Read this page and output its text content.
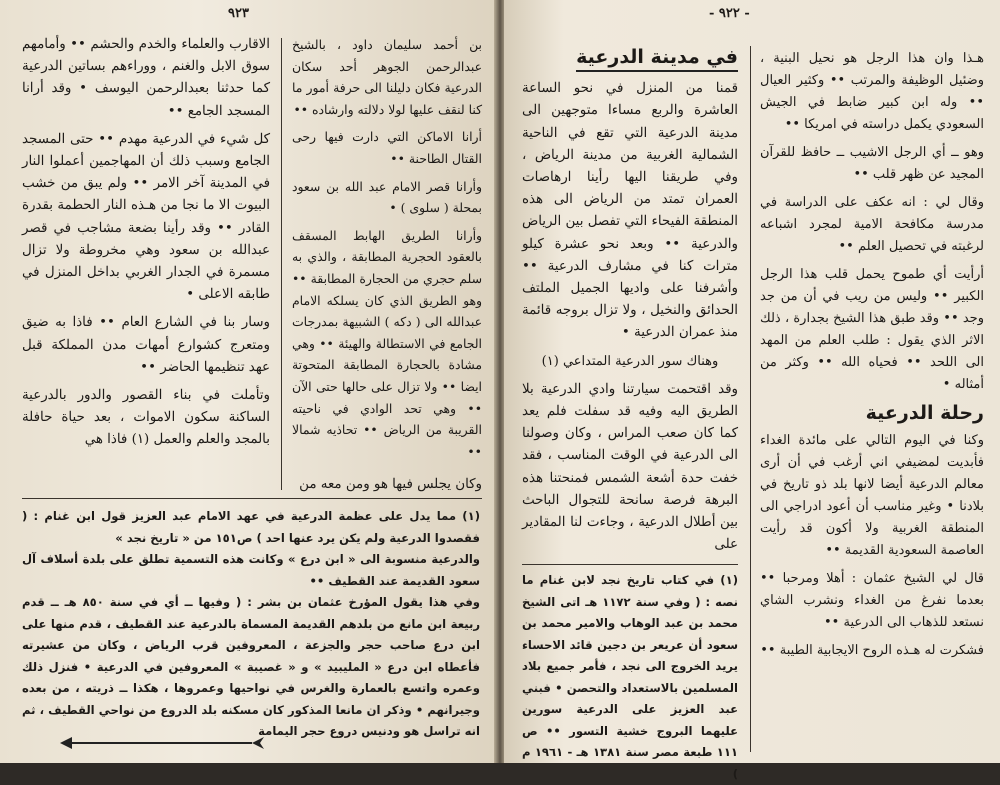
٩٢٣

الاقارب والعلماء والخدم والحشم •• وأمامهم سوق الابل والغنم ، ووراءهم بساتين الدرعية كما حدثنا بعبدالرحمن اليوسف • وقد أرانا المسجد الجامع ••

كل شيء في الدرعية مهدم •• حتى المسجد الجامع وسبب ذلك أن المهاجمين أعملوا النار في المدينة آخر الامر •• ولم يبق من خشب البيوت الا ما نجا من هـذه النار الحطمة بقدرة القادر •• وقد رأينا بضعة مشاجب في قصر عبدالله بن سعود وهي مخروطة ولا تزال مسمرة في الجدار الغربي بداخل المنزل في طابقه الاعلى •

وسار بنا في الشارع العام •• فاذا به ضيق ومتعرج كشوارع أمهات مدن المملكة قبل عهد تنظيمها الحاضر ••

وتأملت في بناء القصور والدور بالدرعية الساكنة سكون الاموات ، بعد حياة حافلة بالمجد والعلم والعمل (١) فاذا هي

بن أحمد سليمان داود ، بالشيخ عبدالرحمن الجوهر أحد سكان الدرعية فكان دليلنا الى حرفة أمور ما كنا لنقف عليها لولا دلالته وارشاده ••

أرانا الاماكن التي دارت فيها رحى القتال الطاحنة ••

وأرانا قصر الامام عبد الله بن سعود بمحلة ( سلوى ) •

وأرانا الطريق الهابط المسقف بالعقود الحجرية المطابقة ، والذي به سلم حجري من الحجارة المطابقة •• وهو الطريق الذي كان يسلكه الامام عبدالله الى ( دكه ) الشبيهة بمدرجات الجامع في الاستطالة والهيئة •• وهي مشادة بالحجارة المطابقة المتحوتة ايضا •• ولا تزال على حالها حتى الآن •• وهي تحد الوادي في ناحيته القريبة من الرياض •• تحاذيه شمالا ••

وكان يجلس فيها هو ومن معه من

(١) مما يدل على عظمة الدرعية في عهد الامام عبد العزيز قول ابن غنام : ( فقصدوا الدرعية ولم يكن يرد عنها احد ) ص١٥١ من « تاريخ نجد »

والدرعية منسوبة الى « ابن درع » وكانت هذه التسمية تطلق على بلدة أسلاف آل سعود القديمة عند القطيف ••

وفي هذا يقول المؤرخ عثمان بن بشر : ( وفيها ــ أي في سنة ٨٥٠ هـ ــ قدم ربيعة ابن مانع من بلدهم القديمة المسماة بالدرعية عند القطيف ، قدم منها على ابن درع صاحب حجر والجزعة ، المعروفين قرب الرياض ، وكان من عشيرته فأعطاه ابن درع « المليبيد » و « غصيبة » المعروفين في الدرعية • فنزل ذلك وعمره واتسع بالعمارة والغرس في نواحيها وعمروها ، هكذا ــ ذريته ، من بعده وجيرانهم • وذكر ان مانعا المذكور كان مسكنه بلد الدروع من نواحي القطيف ، ثم انه تراسل هو ودنيس دروع حجر اليمامة

- ٩٢٢ -
في مدينة الدرعية

قمنا من المنزل في نحو الساعة العاشرة والربع مساءا متوجهين الى مدينة الدرعية التي تقع في الناحية الشمالية الغربية من مدينة الرياض ، وفي طريقنا اليها رأينا ارهاصات العمران تمتد من الرياض الى هذه المنطقة الفيحاء التي تفصل بين الرياض والدرعية •• وبعد نحو عشرة كيلو مترات كنا في مشارف الدرعية •• وأشرفنا على واديها الجميل الملتف الحدائق والنخيل ، ولا تزال بروجه قائمة منذ عمران الدرعية •

وهناك سور الدرعية المتداعي (١)

وقد اقتحمت سيارتنا وادي الدرعية بلا الطريق اليه وفيه قد سفلت فلم يعد كما كان صعب المراس ، وكان وصولنا الى الدرعية في الوقت المناسب ، فقد خفت حدة أشعة الشمس فمنحتنا هذه البرهة فرصة سانحة للتجوال الباحث بين أطلال الدرعية ، وجاءت لنا المقادير على

(١) في كتاب تاريخ نجد لابن غنام ما نصه : ( وفي سنة ١١٧٢ هـ اتى الشيخ محمد بن عبد الوهاب والامير محمد بن سعود أن عريعر بن دجين قائد الاحساء يريد الخروج الى نجد ، فأمر جميع بلاد المسلمين بالاستعداد والتحصن • فبني عبد العزيز على الدرعية سورين عليهما البروج خشية التسور •• ص ١١١ طبعة مصر سنة ١٣٨١ هـ - ١٩٦١ م )

هـذا وان هذا الرجل هو نحيل البنية ، وضئيل الوظيفة والمرتب •• وكثير العيال •• وله ابن كبير ضابط في الجيش السعودي يكمل دراسته في امريكا ••

وهو ــ أي الرجل الاشيب ــ حافظ للقرآن المجيد عن ظهر قلب ••

وقال لي : انه عكف على الدراسة في مدرسة مكافحة الامية لمجرد اشباعه لرغبته في تحصيل العلم ••

أرأيت أي طموح يحمل قلب هذا الرجل الكبير •• وليس من ريب في أن من جد وجد •• وقد طبق هذا الشيخ بجدارة ، ذلك الاثر الذي يقول : طلب العلم من المهد الى اللحد •• فحياه الله •• وكثر من أمثاله •

رحلة الدرعية

وكنا في اليوم التالي على مائدة الغداء فأبديت لمضيفي اني أرغب في أن أرى معالم الدرعية أيضا لانها بلد ذو تاريخ في بلادنا • وغير مناسب أن أعود ادراجي الى المنطقة الغربية ولا أكون قد رأيت العاصمة السعودية القديمة ••

قال لي الشيخ عثمان : أهلا ومرحبا •• بعدما نفرغ من الغداء ونشرب الشاي نستعد للذهاب الى الدرعية ••

فشكرت له هـذه الروح الايجابية الطيبة ••
